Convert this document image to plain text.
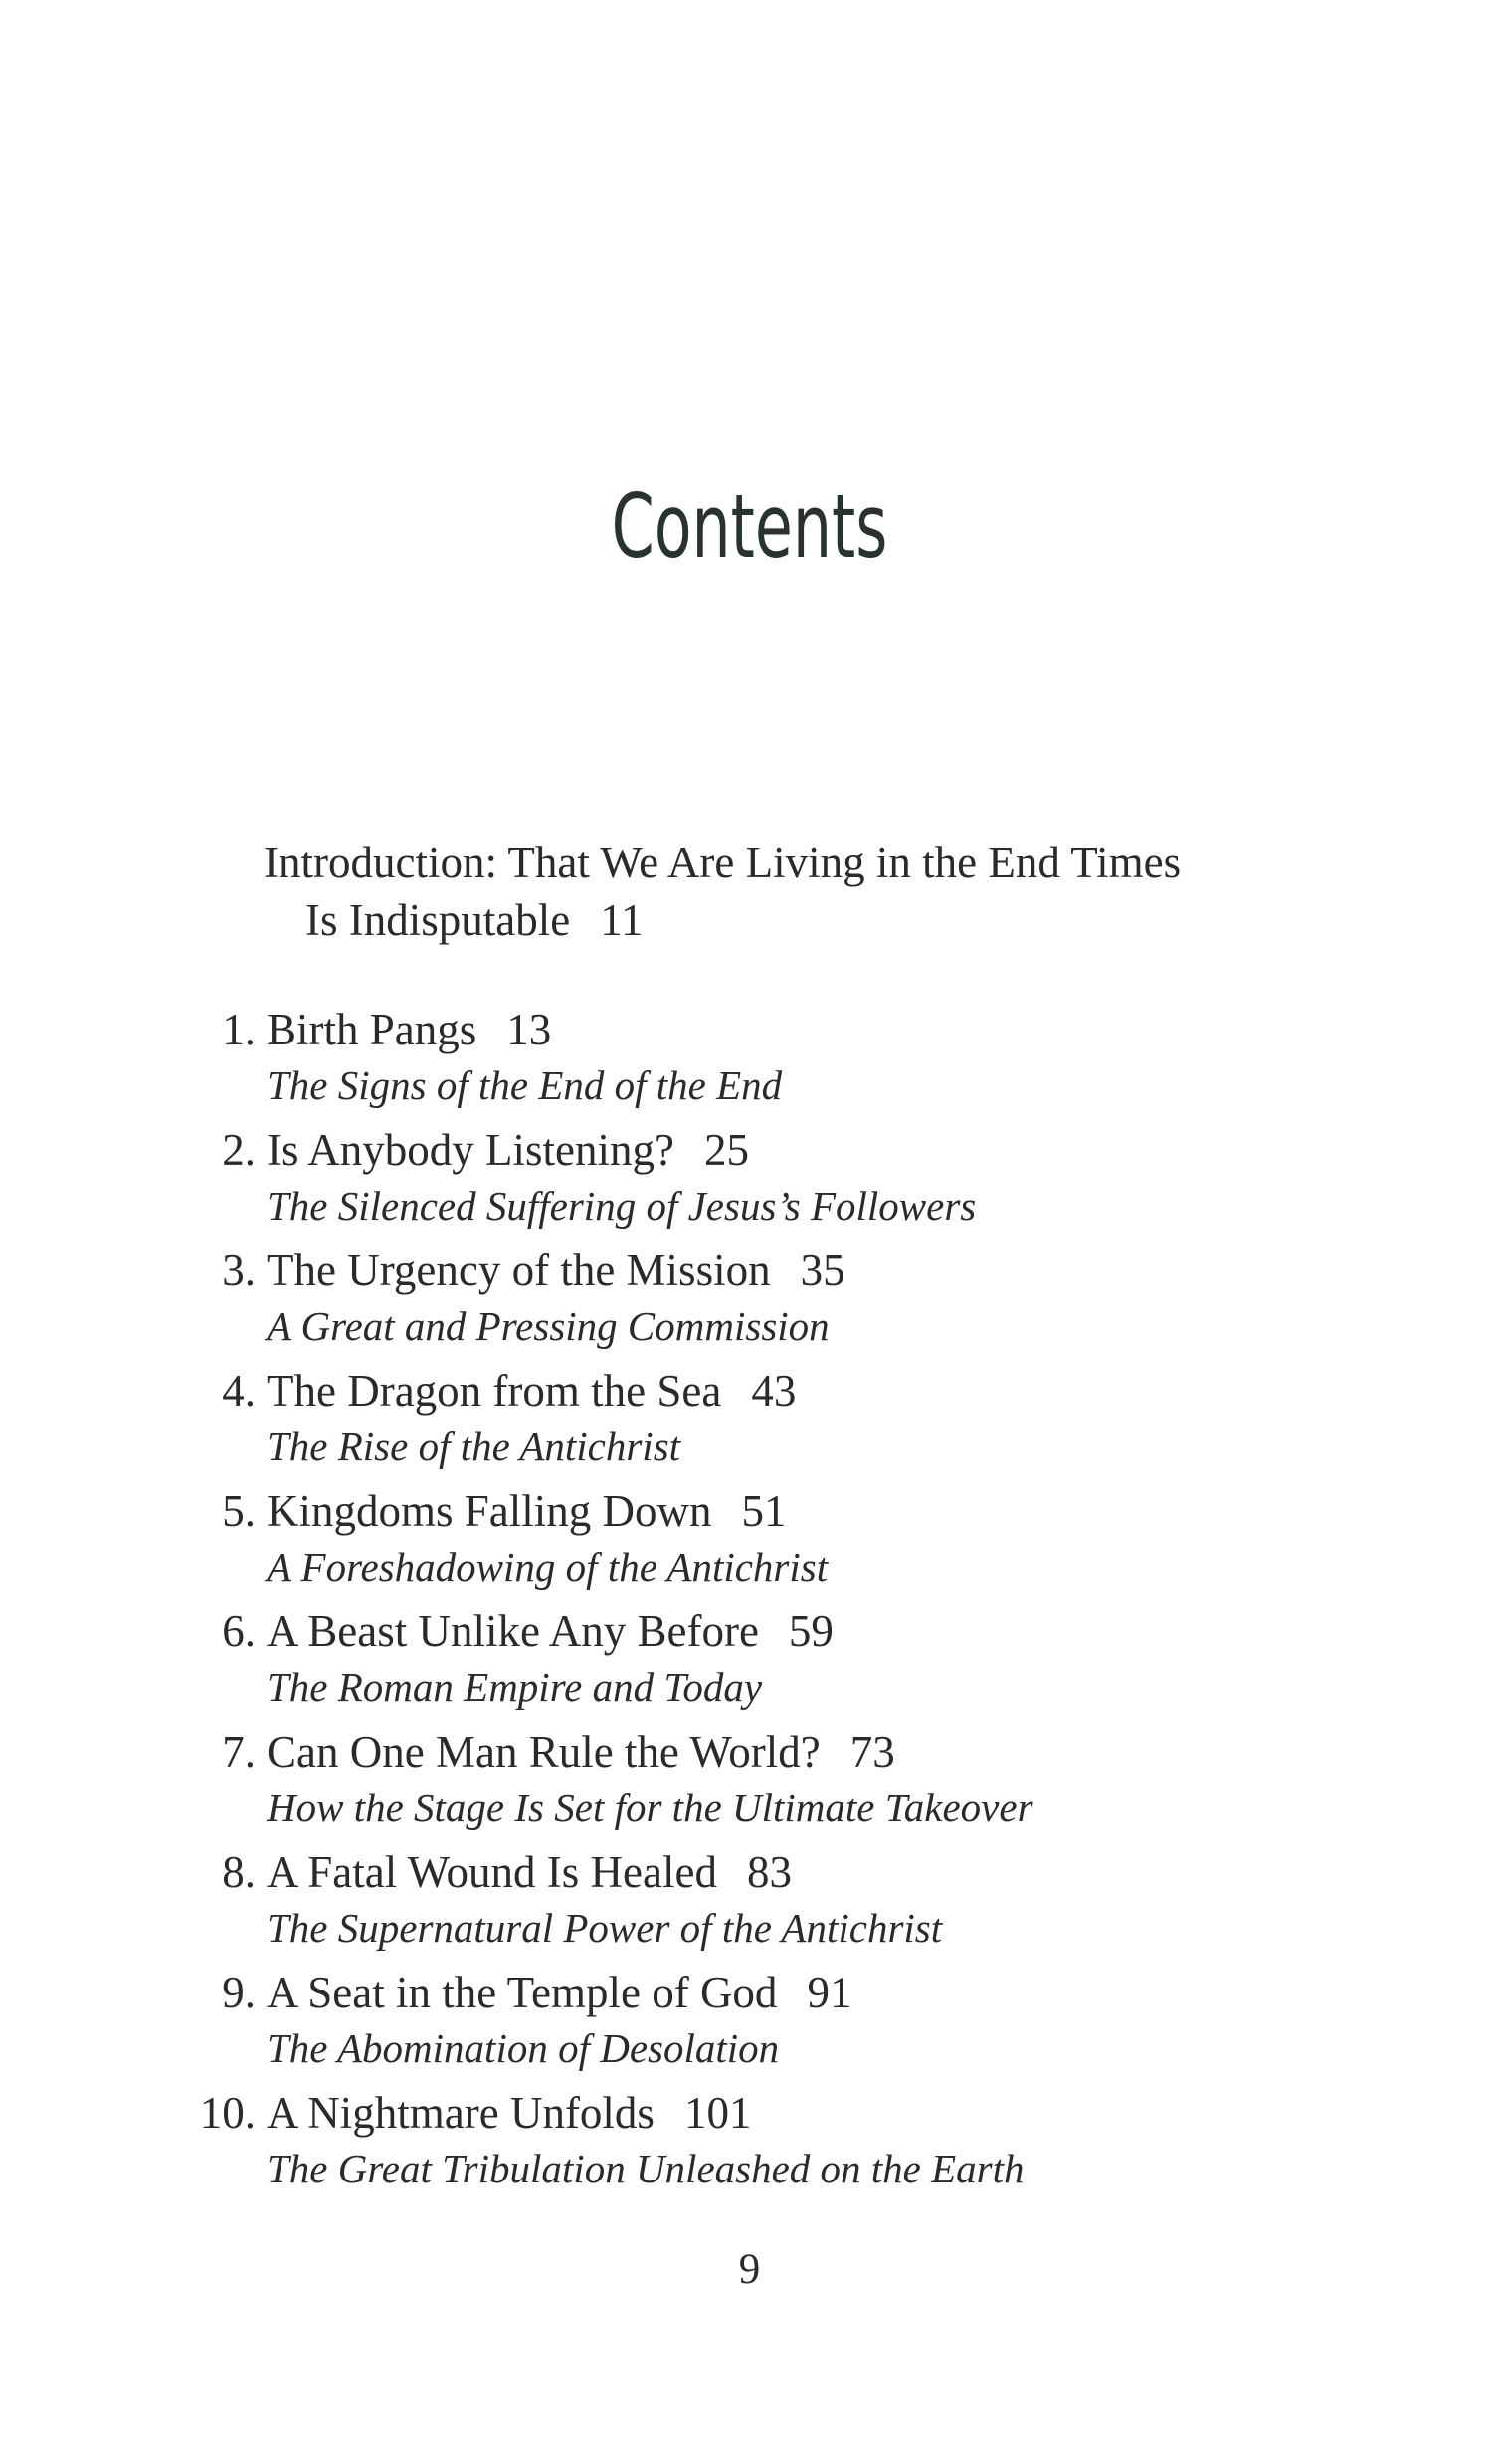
Contents
Introduction: That We Are Living in the End Times
Is Indisputable 11
1. Birth Pangs 13
The Signs of the End of the End
2. Is Anybody Listening? 25
The Silenced Suffering of Jesus’s Followers
3. The Urgency of the Mission 35
A Great and Pressing Commission
4. The Dragon from the Sea 43
The Rise of the Antichrist
5. Kingdoms Falling Down 51
A Foreshadowing of the Antichrist
6. A Beast Unlike Any Before 59
The Roman Empire and Today
7. Can One Man Rule the World? 73
How the Stage Is Set for the Ultimate Takeover
8. A Fatal Wound Is Healed 83
The Supernatural Power of the Antichrist
9. A Seat in the Temple of God 91
The Abomination of Desolation
10. A Nightmare Unfolds 101
The Great Tribulation Unleashed on the Earth
9
